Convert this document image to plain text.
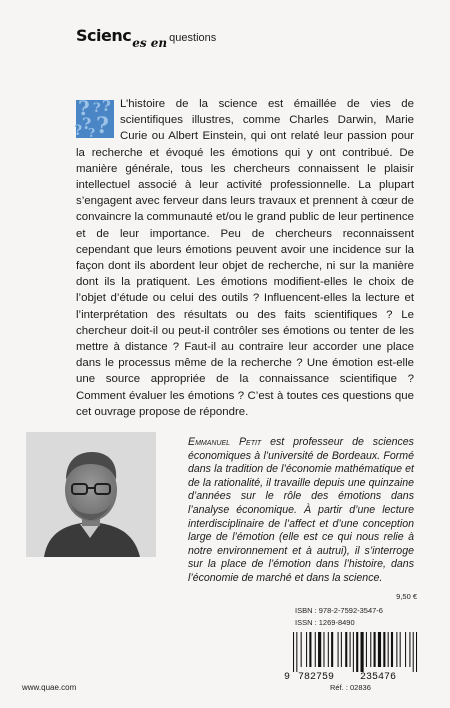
Scienc es en questions
? ? ?
? ?
? ?

L’histoire de la science est émaillée de vies de scientifiques illustres, comme Charles Darwin, Marie Curie ou Albert Einstein, qui ont relaté leur passion pour la recherche et évoqué les émotions qui y ont contribué. De manière générale, tous les chercheurs connaissent le plaisir intellectuel associé à leur activité professionnelle. La plupart s’engagent avec ferveur dans leurs travaux et prennent à cœur de convaincre la communauté et/ou le grand public de leur pertinence et de leur importance. Peu de chercheurs reconnaissent cependant que leurs émotions peuvent avoir une incidence sur la façon dont ils abordent leur objet de recherche, ni sur la manière dont ils la pratiquent. Les émotions modifient-elles le choix de l’objet d’étude ou celui des outils ? Influencent-elles la lecture et l’interprétation des résultats ou des faits scientifiques ? Le chercheur doit-il ou peut-il contrôler ses émotions ou tenter de les mettre à distance ? Faut-il au contraire leur accorder une place dans le processus même de la recherche ? Une émotion est-elle une source appropriée de la connaissance scientifique ? Comment évaluer les émotions ? C’est à toutes ces questions que cet ouvrage propose de répondre.

Emmanuel Petit est professeur de sciences économiques à l’université de Bordeaux. Formé dans la tradition de l’économie mathématique et de la rationalité, il travaille depuis une quinzaine d’années sur le rôle des émotions dans l’analyse économique. À partir d’une lecture interdisciplinaire de l’affect et d’une conception large de l’émotion (elle est ce qui nous relie à notre environnement et à autrui), il s’interroge sur la place de l’émotion dans l’histoire, dans l’économie de marché et dans la science.

9,50 €
ISBN : 978-2-7592-3547-6
ISSN : 1269-8490
9 782759	235476
Réf. : 02836
www.quae.com
